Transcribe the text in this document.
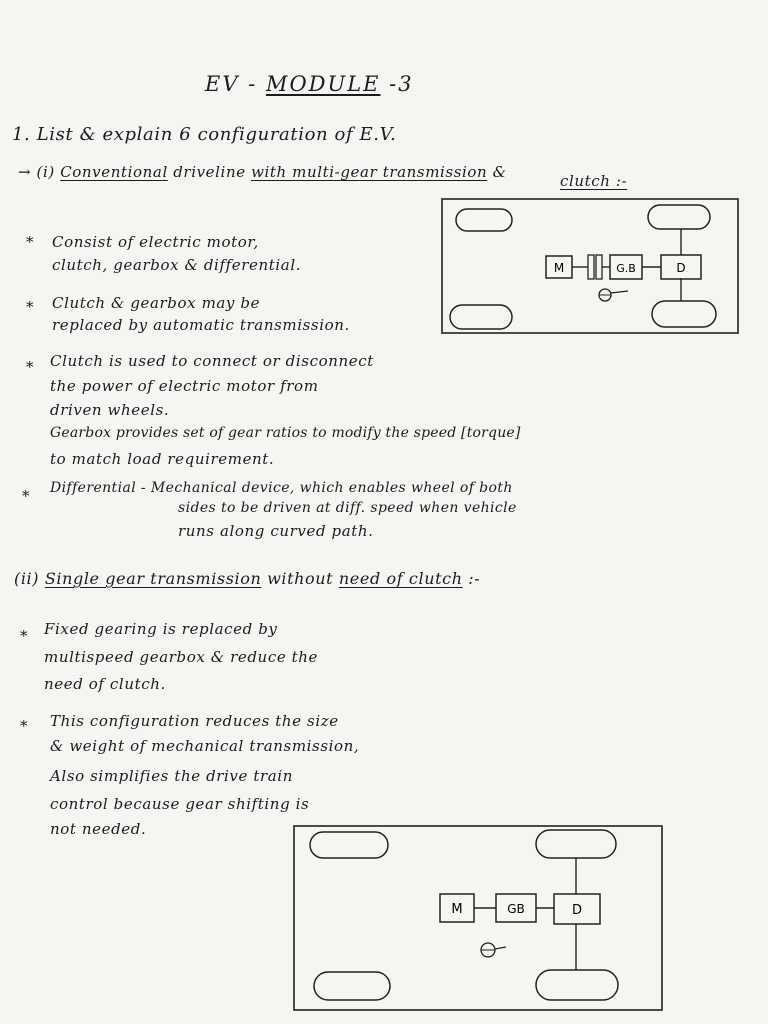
EV - MODULE -3
1. List & explain 6 configuration of E.V.
→ (i) Conventional driveline with multi-gear transmission &	clutch :-
* Consist of electric motor,
clutch, gearbox & differential.
* Clutch & gearbox may be
replaced by automatic transmission.
* Clutch is used to connect or disconnect
the power of electric motor from
driven wheels.
Gearbox provides set of gear ratios to modify the speed [torque]
to match load requirement.
* Differential - Mechanical device, which enables wheel of both
sides to be driven at diff. speed when vehicle
runs along curved path.
M	G.B	D
(ii) Single gear transmission without need of clutch :-
* Fixed gearing is replaced by
multispeed gearbox & reduce the
need of clutch.
* This configuration reduces the size
& weight of mechanical transmission,
Also simplifies the drive train
control because gear shifting is
not needed.
M	GB	D
